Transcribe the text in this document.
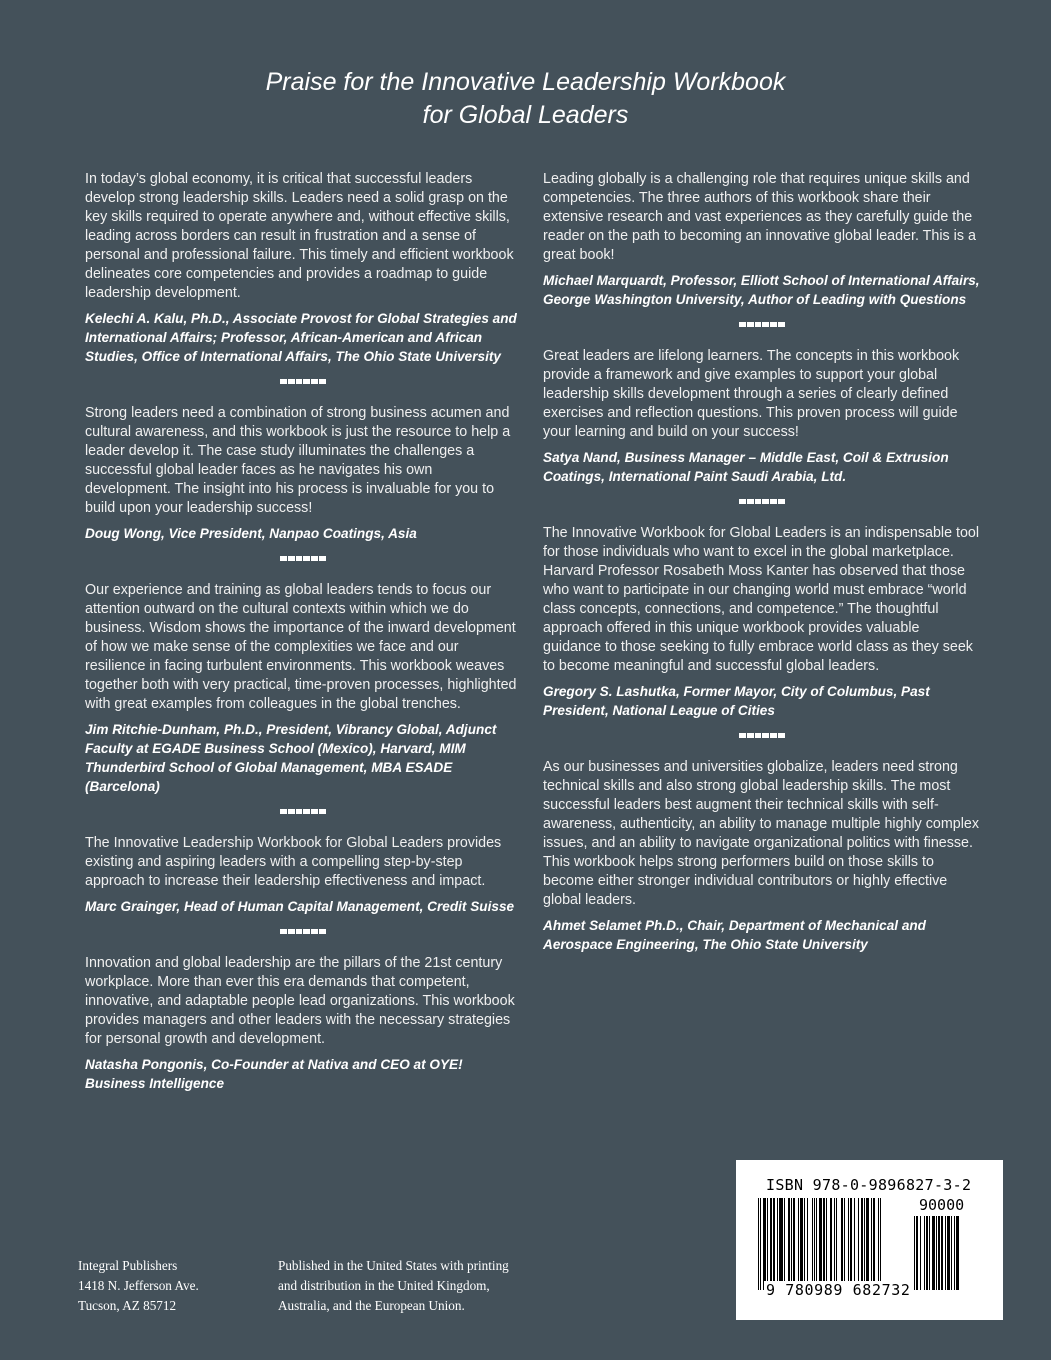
Praise for the Innovative Leadership Workbook
for Global Leaders

In today’s global economy, it is critical that successful leaders develop strong leadership skills. Leaders need a solid grasp on the key skills required to operate anywhere and, without effective skills, leading across borders can result in frustration and a sense of personal and professional failure. This timely and efficient workbook delineates core competencies and provides a roadmap to guide leadership development.

Kelechi A. Kalu, Ph.D., Associate Provost for Global Strategies and International Affairs; Professor, African-American and African Studies, Office of International Affairs, The Ohio State University

Strong leaders need a combination of strong business acumen and cultural awareness, and this workbook is just the resource to help a leader develop it. The case study illuminates the challenges a successful global leader faces as he navigates his own development. The insight into his process is invaluable for you to build upon your leadership success!

Doug Wong, Vice President, Nanpao Coatings, Asia

Our experience and training as global leaders tends to focus our attention outward on the cultural contexts within which we do business. Wisdom shows the importance of the inward development of how we make sense of the complexities we face and our resilience in facing turbulent environments. This workbook weaves together both with very practical, time-proven processes, highlighted with great examples from colleagues in the global trenches.

Jim Ritchie-Dunham, Ph.D., President, Vibrancy Global, Adjunct Faculty at EGADE Business School (Mexico), Harvard, MIM Thunderbird School of Global Management, MBA ESADE (Barcelona)

The Innovative Leadership Workbook for Global Leaders provides existing and aspiring leaders with a compelling step-by-step approach to increase their leadership effectiveness and impact.

Marc Grainger, Head of Human Capital Management, Credit Suisse

Innovation and global leadership are the pillars of the 21st century workplace. More than ever this era demands that competent, innovative, and adaptable people lead organizations. This workbook provides managers and other leaders with the necessary strategies for personal growth and development.

Natasha Pongonis, Co-Founder at Nativa and CEO at OYE! Business Intelligence

Leading globally is a challenging role that requires unique skills and competencies. The three authors of this workbook share their extensive research and vast experiences as they carefully guide the reader on the path to becoming an innovative global leader. This is a great book!

Michael Marquardt, Professor, Elliott School of International Affairs, George Washington University, Author of Leading with Questions

Great leaders are lifelong learners. The concepts in this workbook provide a framework and give examples to support your global leadership skills development through a series of clearly defined exercises and reflection questions. This proven process will guide your learning and build on your success!

Satya Nand, Business Manager – Middle East, Coil & Extrusion Coatings, International Paint Saudi Arabia, Ltd.

The Innovative Workbook for Global Leaders is an indispensable tool for those individuals who want to excel in the global marketplace. Harvard Professor Rosabeth Moss Kanter has observed that those who want to participate in our changing world must embrace “world class concepts, connections, and competence.” The thoughtful approach offered in this unique workbook provides valuable guidance to those seeking to fully embrace world class as they seek to become meaningful and successful global leaders.

Gregory S. Lashutka, Former Mayor, City of Columbus, Past President, National League of Cities

As our businesses and universities globalize, leaders need strong technical skills and also strong global leadership skills. The most successful leaders best augment their technical skills with self-awareness, authenticity, an ability to manage multiple highly complex issues, and an ability to navigate organizational politics with finesse. This workbook helps strong performers build on those skills to become either stronger individual contributors or highly effective global leaders.

Ahmet Selamet Ph.D., Chair, Department of Mechanical and Aerospace Engineering, The Ohio State University

Integral Publishers
1418 N. Jefferson Ave.
Tucson, AZ 85712
Published in the United States with printing
and distribution in the United Kingdom,
Australia, and the European Union.
ISBN 978-0-9896827-3-2
90000
9 780989 682732
